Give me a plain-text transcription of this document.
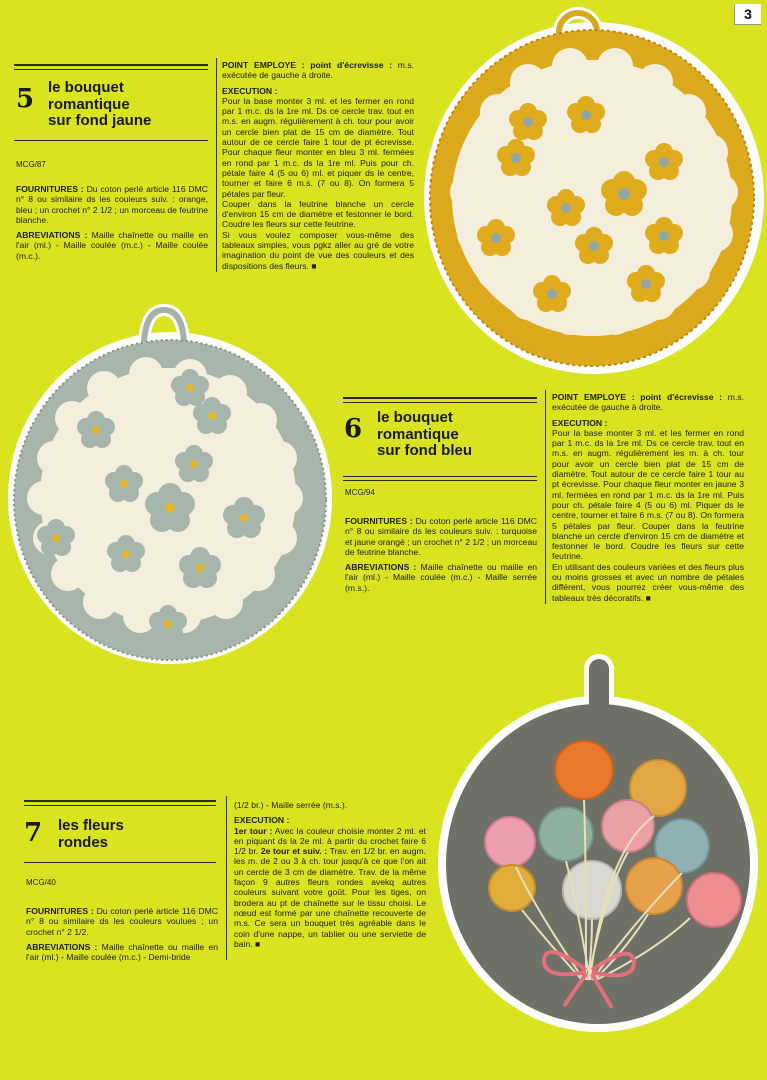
3
5 le bouquet
romantique
sur fond jaune
MCG/87

FOURNITURES : Du coton perlé article 116 DMC n° 8 ou similaire ds les couleurs suiv. : orange, bleu ; un crochet n° 2 1/2 ; un morceau de feutrine blanche.

ABREVIATIONS : Maille chaînette ou maille en l'air (ml.) - Maille coulée (m.c.) - Maille coulée (m.c.).

POINT EMPLOYE : point d'écrevisse : m.s. exécutée de gauche à droite.

EXECUTION :
Pour la base monter 3 ml. et les fermer en rond par 1 m.c. ds la 1re ml. Ds ce cercle trav. tout en m.s. en augm. régulièrement à ch. tour pour avoir un cercle bien plat de 15 cm de diamètre. Tout autour de ce cercle faire 1 tour de pt écrevisse. Pour chaque fleur monter en bleu 3 ml. fermées en rond par 1 m.c. ds la 1re ml. Puis pour ch. pétale faire 4 (5 ou 6) ml. et piquer ds le centre, tourner et faire 6 m.s. (7 ou 8). On formera 5 pétales par fleur.
Couper dans la feutrine blanche un cercle d'environ 15 cm de diamètre et festonner le bord. Coudre les fleurs sur cette feutrine.
Si vous voulez composer vous-même des tableaux simples, vous pgkz aller au gré de votre imagination du point de vue des couleurs et des dispositions des fleurs. ■
6 le bouquet
romantique
sur fond bleu
MCG/94

FOURNITURES : Du coton perlé article 116 DMC n° 8 ou similaire ds les couleurs suiv. : turquoise et jaune orangé ; un crochet n° 2 1/2 ; un morceau de feutrine blanche.

ABREVIATIONS : Maille chaînette ou maille en l'air (ml.) - Maille coulée (m.c.) - Maille serrée (m.s.).

POINT EMPLOYE : point d'écrevisse : m.s. exécutée de gauche à droite.

EXECUTION :
Pour la base monter 3 ml. et les fermer en rond par 1 m.c. ds la 1re ml. Ds ce cercle trav. tout en m.s. en augm. régulièrement les m. à ch. tour pour avoir un cercle bien plat de 15 cm de diamètre. Tout autour de ce cercle faire 1 tour au pt écrevisse. Pour chaque fleur monter en jaune 3 ml. fermées en rond par 1 m.c. ds la 1re ml. Puis pour ch. pétale faire 4 (5 ou 6) ml. Piquer ds le centre, tourner et faire 6 m.s. (7 ou 8). On formera 5 pétales par fleur. Couper dans la feutrine blanche un cercle d'environ 15 cm de diamètre et festonner le bord. Coudre les fleurs sur cette feutrine.
En utilisant des couleurs variées et des fleurs plus ou moins grosses et avec un nombre de pétales différent, vous pourrez créer vous-même des tableaux très décoratifs. ■
7 les fleurs
rondes
MCG/40

FOURNITURES : Du coton perlé article 116 DMC n° 8 ou similaire ds les couleurs voulues ; un crochet n° 2 1/2.

ABREVIATIONS : Maille chaînette ou maille en l'air (ml.) - Maille coulée (m.c.) - Demi-bride

(1/2 br.) - Maille serrée (m.s.).

EXECUTION :
1er tour : Avec la couleur choisie monter 2 ml. et en piquant ds la 2e ml. à partir du crochet faire 6 1/2 br. 2e tour et suiv. : Trav. en 1/2 br. en augm. les m. de 2 ou 3 à ch. tour jusqu'à ce que l'on ait un cercle de 3 cm de diamètre. Trav. de la même façon 9 autres fleurs rondes avekq autres couleurs suivant votre goût. Pour les tiges, on brodera au pt de chaînette sur le tissu choisi. Le nœud est formé par une chaînette recouverte de m.s. Ce sera un bouquet très agréable dans le coin d'une nappe, un tablier ou une serviette de bain. ■
